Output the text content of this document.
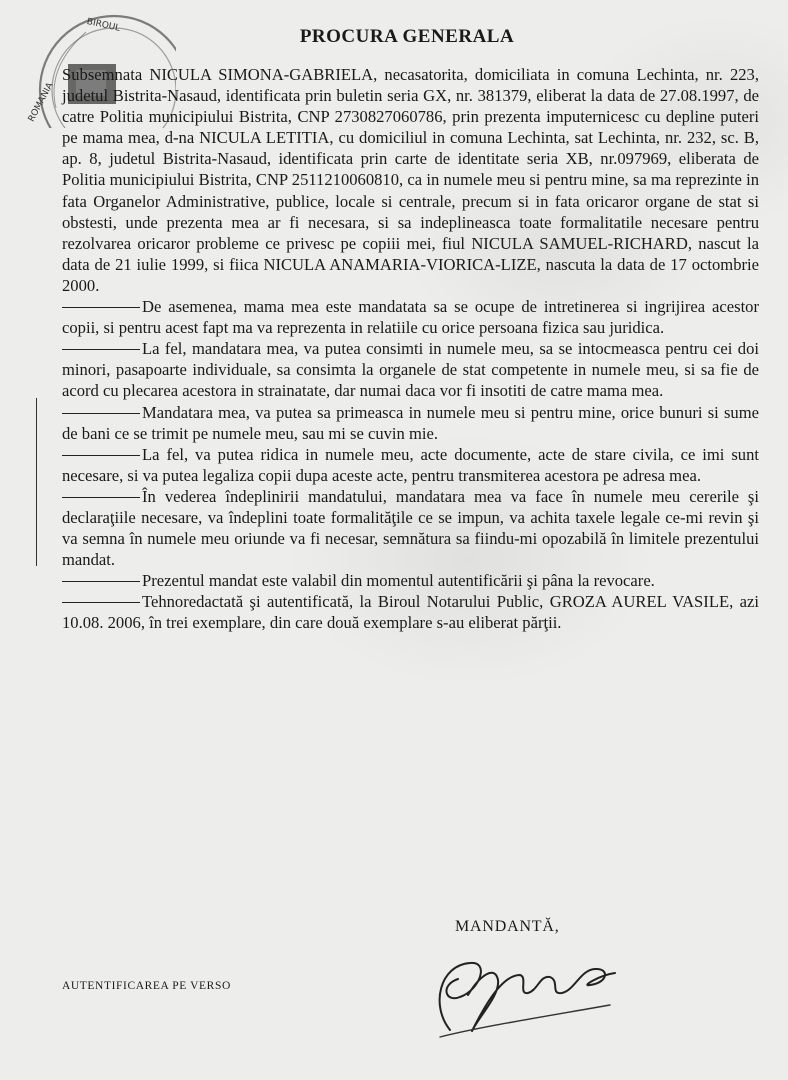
ROMANIA
BIROUL
PROCURA GENERALA

Subsemnata NICULA SIMONA-GABRIELA, necasatorita, domiciliata in comuna Lechinta, nr. 223, judetul Bistrita-Nasaud, identificata prin buletin seria GX, nr. 381379, eliberat la data de 27.08.1997, de catre Politia municipiului Bistrita, CNP 2730827060786, prin prezenta imputernicesc cu depline puteri pe mama mea, d-na NICULA LETITIA, cu domiciliul in comuna Lechinta, sat Lechinta, nr. 232, sc. B, ap. 8, judetul Bistrita-Nasaud, identificata prin carte de identitate seria XB, nr.097969, eliberata de Politia municipiului Bistrita, CNP 2511210060810, ca in numele meu si pentru mine, sa ma reprezinte in fata Organelor Administrative, publice, locale si centrale, precum si in fata oricaror organe de stat si obstesti, unde prezenta mea ar fi necesara, si sa indeplineasca toate formalitatile necesare pentru rezolvarea oricaror probleme ce privesc pe copiii mei, fiul NICULA SAMUEL-RICHARD, nascut la data de 21 iulie 1999, si fiica NICULA ANAMARIA-VIORICA-LIZE, nascuta la data de 17 octombrie 2000.

De asemenea, mama mea este mandatata sa se ocupe de intretinerea si ingrijirea acestor copii, si pentru acest fapt ma va reprezenta in relatiile cu orice persoana fizica sau juridica.

La fel, mandatara mea, va putea consimti in numele meu, sa se intocmeasca pentru cei doi minori, pasapoarte individuale, sa consimta la organele de stat competente in numele meu, si sa fie de acord cu plecarea acestora in strainatate, dar numai daca vor fi insotiti de catre mama mea.

Mandatara mea, va putea sa primeasca in numele meu si pentru mine, orice bunuri si sume de bani ce se trimit pe numele meu, sau mi se cuvin mie.

La fel, va putea ridica in numele meu, acte documente, acte de stare civila, ce imi sunt necesare, si va putea legaliza copii dupa aceste acte, pentru transmiterea acestora pe adresa mea.

În vederea îndeplinirii mandatului, mandatara mea va face în numele meu cererile şi declaraţiile necesare, va îndeplini toate formalităţile ce se impun, va achita taxele legale ce-mi revin şi va semna în numele meu oriunde va fi necesar, semnătura sa fiindu-mi opozabilă în limitele prezentului mandat.

Prezentul mandat este valabil din momentul autentificării şi pâna la revocare.

Tehnoredactată şi autentificată, la Biroul Notarului Public, GROZA AUREL VASILE, azi 10.08. 2006, în trei exemplare, din care două exemplare s-au eliberat părţii.

MANDANTĂ,
AUTENTIFICAREA PE VERSO
